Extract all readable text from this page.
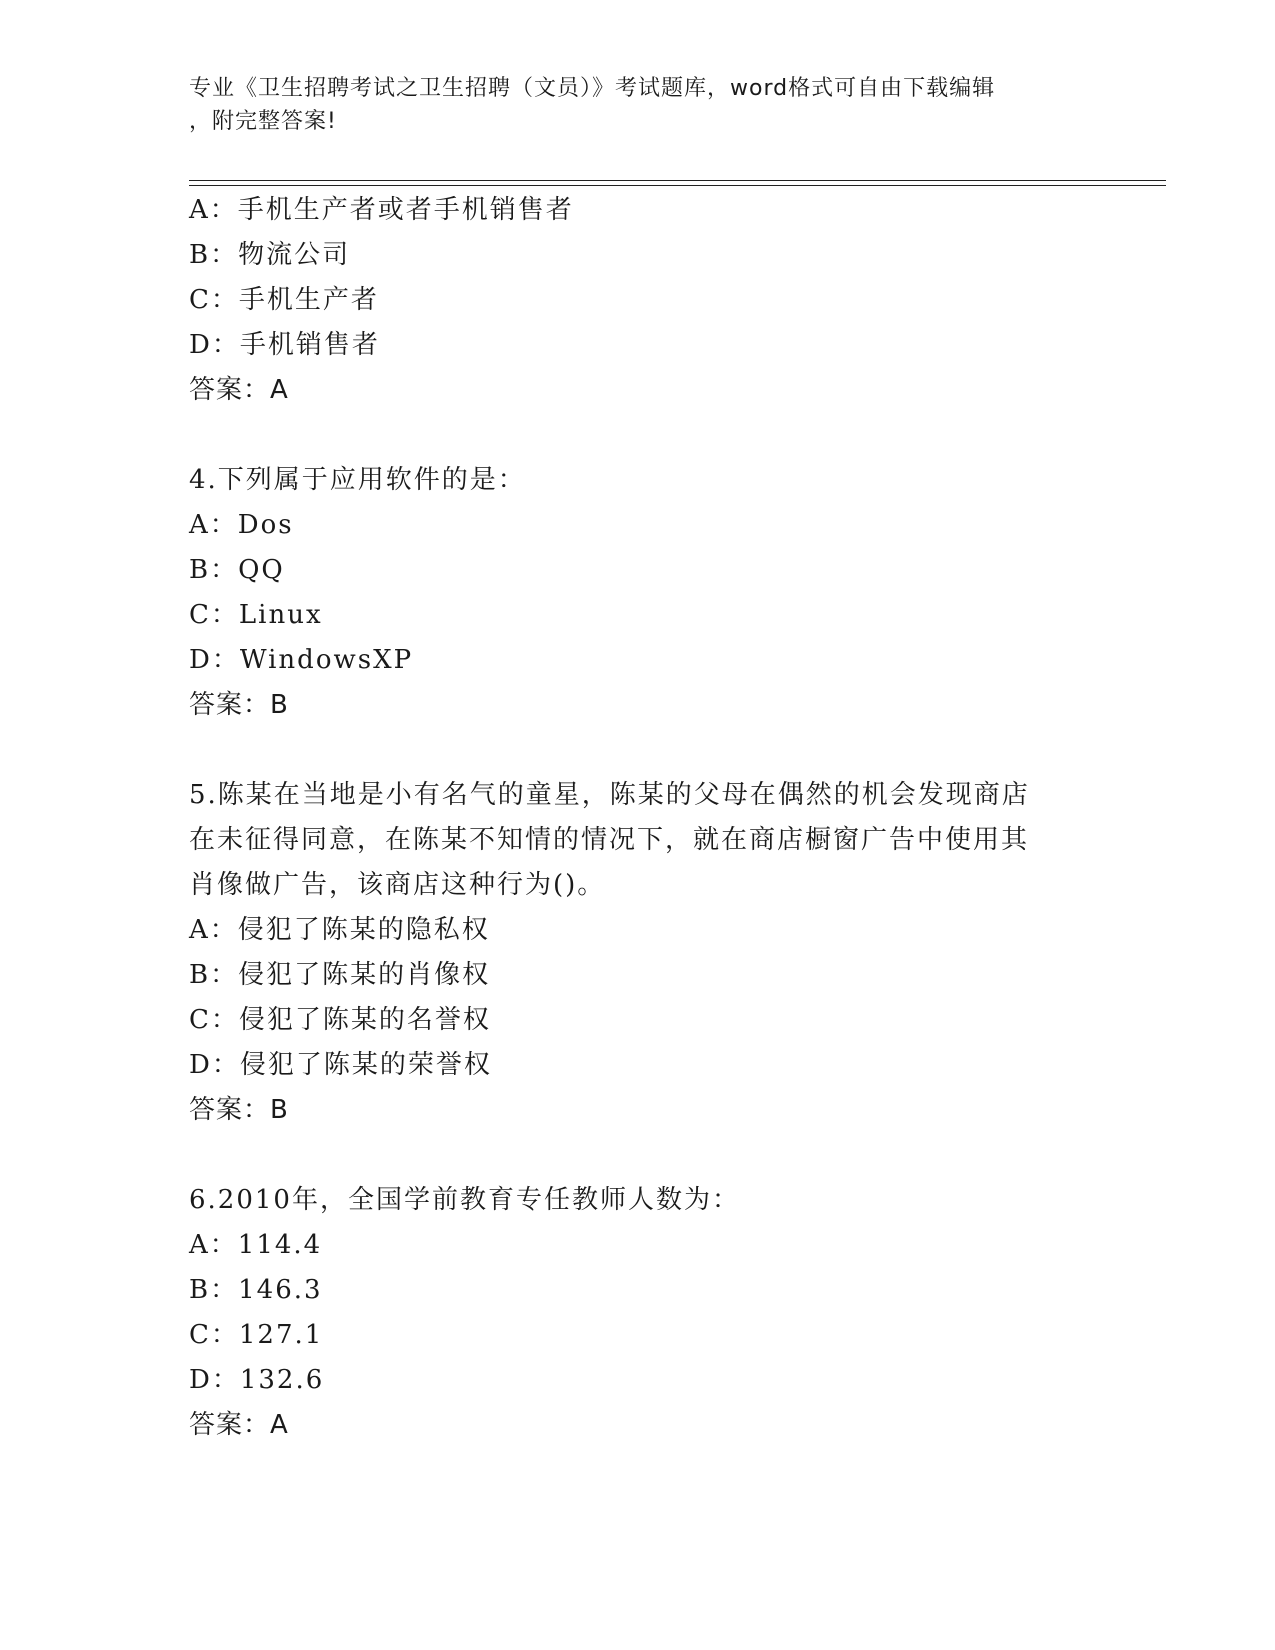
专业《卫生招聘考试之卫生招聘（文员）》考试题库，word格式可自由下载编辑
，附完整答案!
A：手机生产者或者手机销售者
B：物流公司
C：手机生产者
D：手机销售者
答案：A
4.下列属于应用软件的是：
A：Dos
B：QQ
C：Linux
D：WindowsXP
答案：B
5.陈某在当地是小有名气的童星，陈某的父母在偶然的机会发现商店
在未征得同意，在陈某不知情的情况下，就在商店橱窗广告中使用其
肖像做广告，该商店这种行为()。
A：侵犯了陈某的隐私权
B：侵犯了陈某的肖像权
C：侵犯了陈某的名誉权
D：侵犯了陈某的荣誉权
答案：B
6.2010年，全国学前教育专任教师人数为：
A：114.4
B：146.3
C：127.1
D：132.6
答案：A
